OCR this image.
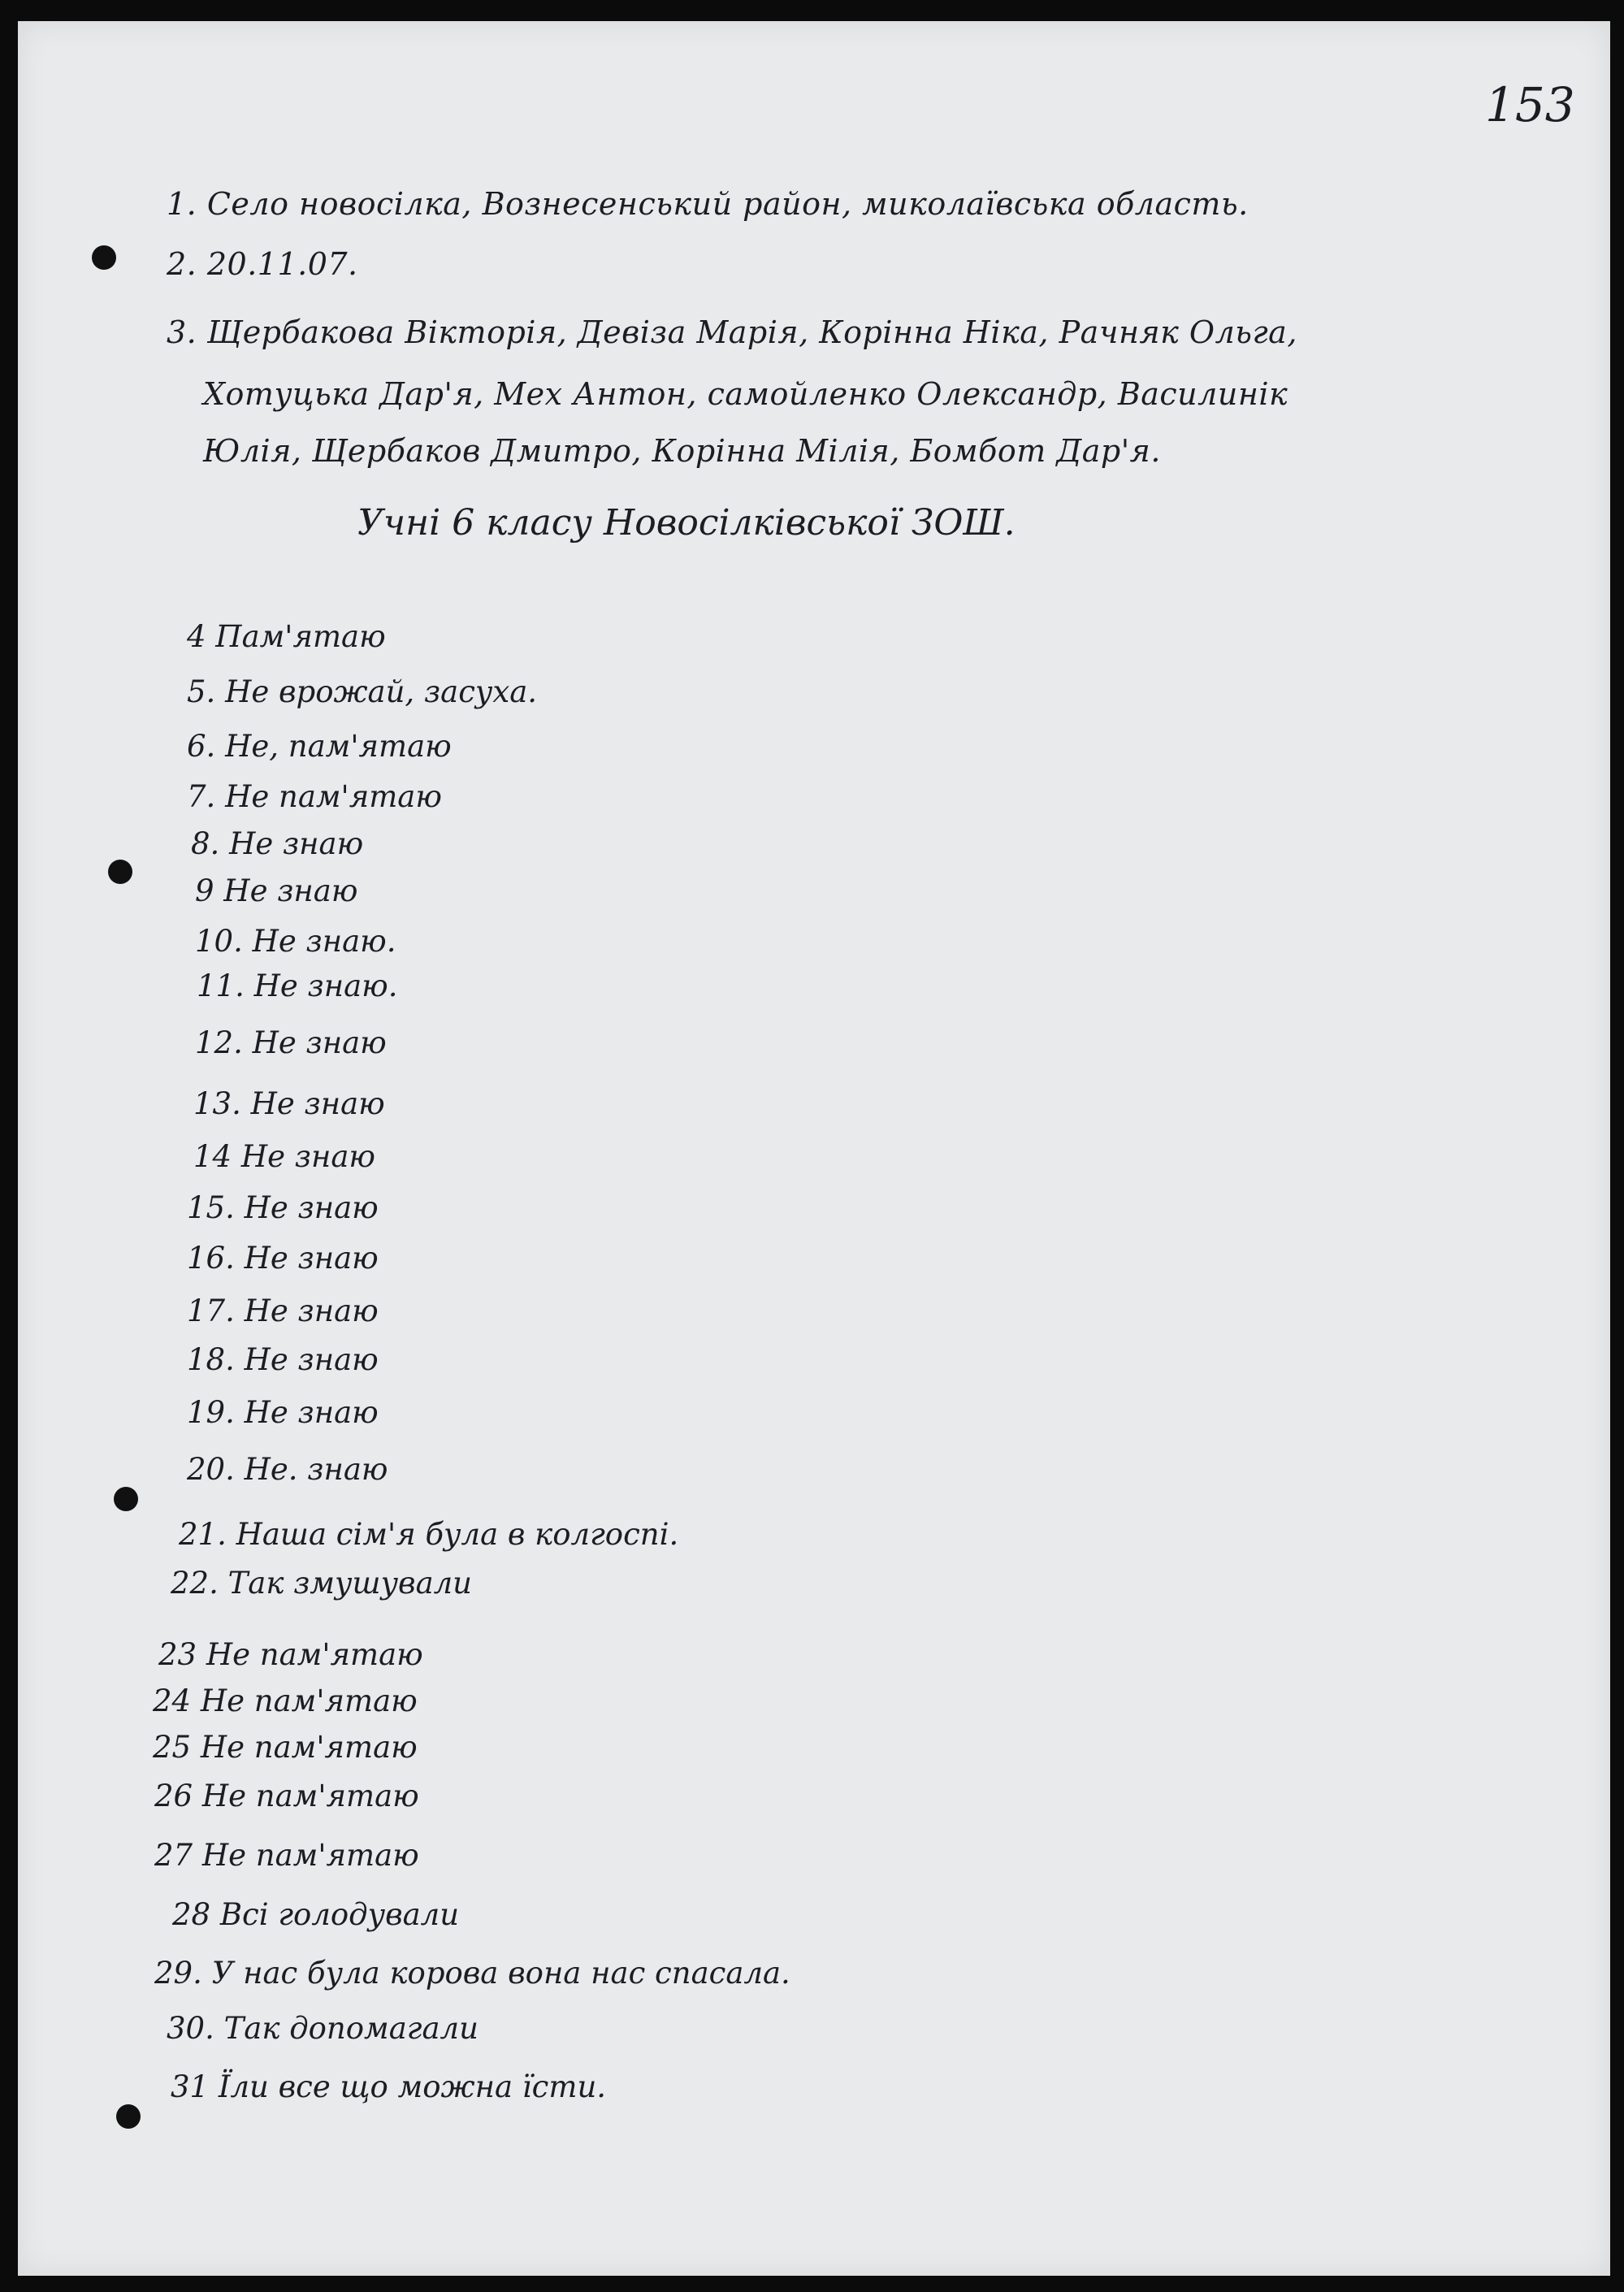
153
1. Село новосілка, Вознесенський район, миколаївська область.
2. 20.11.07.
3. Щербакова Вікторія, Девіза Марія, Корінна Ніка, Рачняк Ольга,
Хотуцька Дар'я, Мех Антон, самойленко Олександр, Василинік
Юлія, Щербаков Дмитро, Корінна Мілія, Бомбот Дар'я.
Учні 6 класу Новосілківської ЗОШ.
4 Пам'ятаю
5. Не врожай, засуха.
6. Не, пам'ятаю
7. Не пам'ятаю
8. Не знаю
9 Не знаю
10. Не знаю.
11. Не знаю.
12. Не знаю
13. Не знаю
14 Не знаю
15. Не знаю
16. Не знаю
17. Не знаю
18. Не знаю
19. Не знаю
20. Не. знаю
21. Наша сім'я була в колгоспі.
22. Так змушували
23 Не пам'ятаю
24 Не пам'ятаю
25 Не пам'ятаю
26 Не пам'ятаю
27 Не пам'ятаю
28 Всі голодували
29. У нас була корова вона нас спасала.
30. Так допомагали
31 Їли все що можна їсти.
